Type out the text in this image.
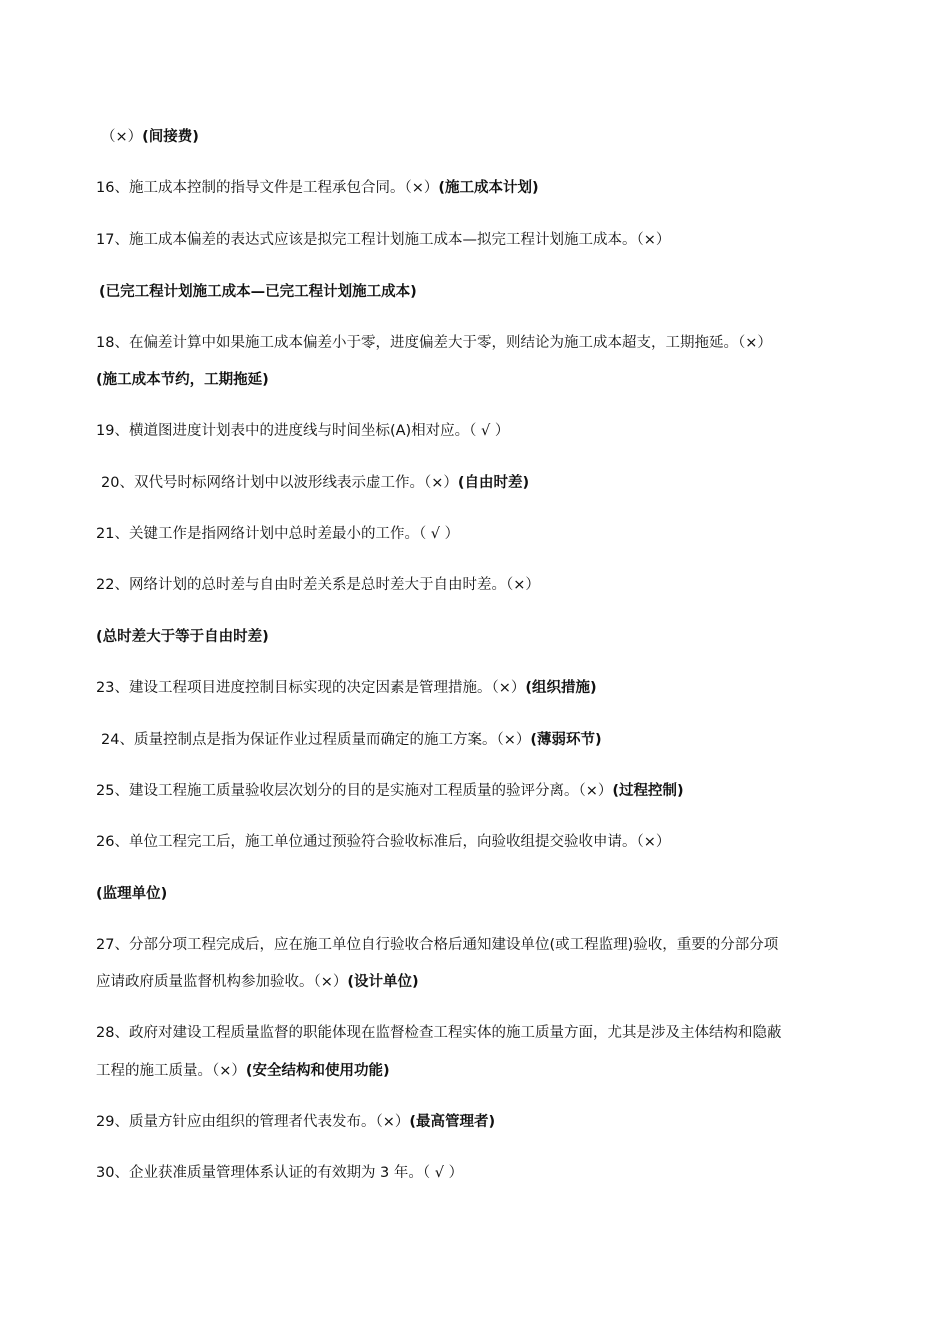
（×）(间接费)
16、施工成本控制的指导文件是工程承包合同。（×）(施工成本计划)
17、施工成本偏差的表达式应该是拟完工程计划施工成本—拟完工程计划施工成本。（×）
(已完工程计划施工成本—已完工程计划施工成本)
18、在偏差计算中如果施工成本偏差小于零，进度偏差大于零，则结论为施工成本超支，工期拖延。（×）
(施工成本节约，工期拖延)
19、横道图进度计划表中的进度线与时间坐标(A)相对应。（ √ ）
20、双代号时标网络计划中以波形线表示虚工作。（×）(自由时差)
21、关键工作是指网络计划中总时差最小的工作。（ √ ）
22、网络计划的总时差与自由时差关系是总时差大于自由时差。（×）
(总时差大于等于自由时差)
23、建设工程项目进度控制目标实现的决定因素是管理措施。（×）(组织措施)
24、质量控制点是指为保证作业过程质量而确定的施工方案。（×）(薄弱环节)
25、建设工程施工质量验收层次划分的目的是实施对工程质量的验评分离。（×）(过程控制)
26、单位工程完工后，施工单位通过预验符合验收标准后，向验收组提交验收申请。（×）
(监理单位)
27、分部分项工程完成后，应在施工单位自行验收合格后通知建设单位(或工程监理)验收，重要的分部分项
应请政府质量监督机构参加验收。（×）(设计单位)
28、政府对建设工程质量监督的职能体现在监督检查工程实体的施工质量方面，尤其是涉及主体结构和隐蔽
工程的施工质量。（×）(安全结构和使用功能)
29、质量方针应由组织的管理者代表发布。（×）(最高管理者)
30、企业获准质量管理体系认证的有效期为 3 年。（ √ ）
